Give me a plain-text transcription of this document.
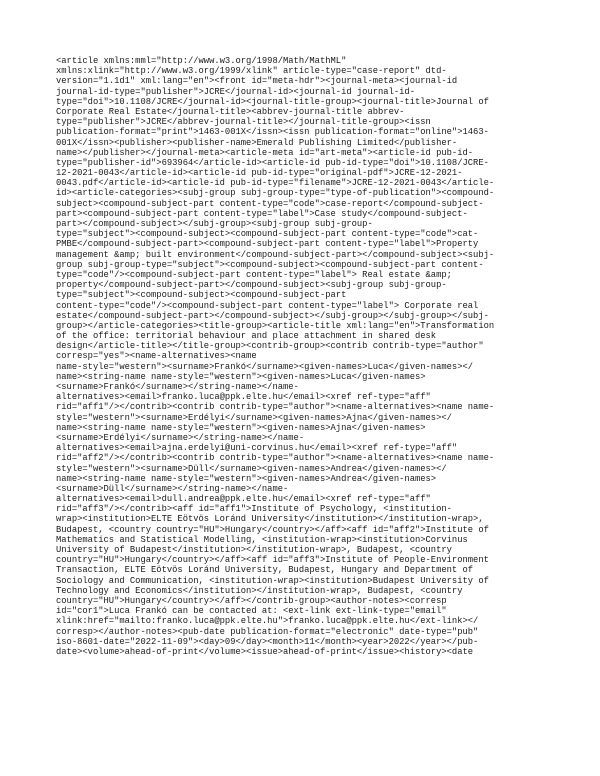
<article xmlns:mml="http://www.w3.org/1998/Math/MathML"
xmlns:xlink="http://www.w3.org/1999/xlink" article-type="case-report" dtd-
version="1.1d1" xml:lang="en"><front id="meta-hdr"><journal-meta><journal-id
journal-id-type="publisher">JCRE</journal-id><journal-id journal-id-
type="doi">10.1108/JCRE</journal-id><journal-title-group><journal-title>Journal of
Corporate Real Estate</journal-title><abbrev-journal-title abbrev-
type="publisher">JCRE</abbrev-journal-title></journal-title-group><issn
publication-format="print">1463-001X</issn><issn publication-format="online">1463-
001X</issn><publisher><publisher-name>Emerald Publishing Limited</publisher-
name></publisher></journal-meta><article-meta id="art-meta"><article-id pub-id-
type="publisher-id">693964</article-id><article-id pub-id-type="doi">10.1108/JCRE-
12-2021-0043</article-id><article-id pub-id-type="original-pdf">JCRE-12-2021-
0043.pdf</article-id><article-id pub-id-type="filename">JCRE-12-2021-0043</article-
id><article-categories><subj-group subj-group-type="type-of-publication"><compound-
subject><compound-subject-part content-type="code">case-report</compound-subject-
part><compound-subject-part content-type="label">Case study</compound-subject-
part></compound-subject></subj-group><subj-group subj-group-
type="subject"><compound-subject><compound-subject-part content-type="code">cat-
PMBE</compound-subject-part><compound-subject-part content-type="label">Property
management &amp; built environment</compound-subject-part></compound-subject><subj-
group subj-group-type="subject"><compound-subject><compound-subject-part content-
type="code"/><compound-subject-part content-type="label"> Real estate &amp;
property</compound-subject-part></compound-subject><subj-group subj-group-
type="subject"><compound-subject><compound-subject-part
content-type="code"/><compound-subject-part content-type="label"> Corporate real
estate</compound-subject-part></compound-subject></subj-group></subj-group></subj-
group></article-categories><title-group><article-title xml:lang="en">Transformation
of the office: territorial behaviour and place attachment in shared desk
design</article-title></title-group><contrib-group><contrib contrib-type="author"
corresp="yes"><name-alternatives><name
name-style="western"><surname>Frankó</surname><given-names>Luca</given-names></
name><string-name name-style="western"><given-names>Luca</given-names>
<surname>Frankó</surname></string-name></name-
alternatives><email>franko.luca@ppk.elte.hu</email><xref ref-type="aff"
rid="aff1"/></contrib><contrib contrib-type="author"><name-alternatives><name name-
style="western"><surname>Erdélyi</surname><given-names>Ajna</given-names></
name><string-name name-style="western"><given-names>Ajna</given-names>
<surname>Erdélyi</surname></string-name></name-
alternatives><email>ajna.erdelyi@uni-corvinus.hu</email><xref ref-type="aff"
rid="aff2"/></contrib><contrib contrib-type="author"><name-alternatives><name name-
style="western"><surname>Düll</surname><given-names>Andrea</given-names></
name><string-name name-style="western"><given-names>Andrea</given-names>
<surname>Düll</surname></string-name></name-
alternatives><email>dull.andrea@ppk.elte.hu</email><xref ref-type="aff"
rid="aff3"/></contrib><aff id="aff1">Institute of Psychology, <institution-
wrap><institution>ELTE Eötvös Loránd University</institution></institution-wrap>,
Budapest, <country country="HU">Hungary</country></aff><aff id="aff2">Institute of
Mathematics and Statistical Modelling, <institution-wrap><institution>Corvinus
University of Budapest</institution></institution-wrap>, Budapest, <country
country="HU">Hungary</country></aff><aff id="aff3">Institute of People-Environment
Transaction, ELTE Eötvös Loránd University, Budapest, Hungary and Department of
Sociology and Communication, <institution-wrap><institution>Budapest University of
Technology and Economics</institution></institution-wrap>, Budapest, <country
country="HU">Hungary</country></aff></contrib-group><author-notes><corresp
id="cor1">Luca Frankó can be contacted at: <ext-link ext-link-type="email"
xlink:href="mailto:franko.luca@ppk.elte.hu">franko.luca@ppk.elte.hu</ext-link></
corresp></author-notes><pub-date publication-format="electronic" date-type="pub"
iso-8601-date="2022-11-09"><day>09</day><month>11</month><year>2022</year></pub-
date><volume>ahead-of-print</volume><issue>ahead-of-print</issue><history><date
